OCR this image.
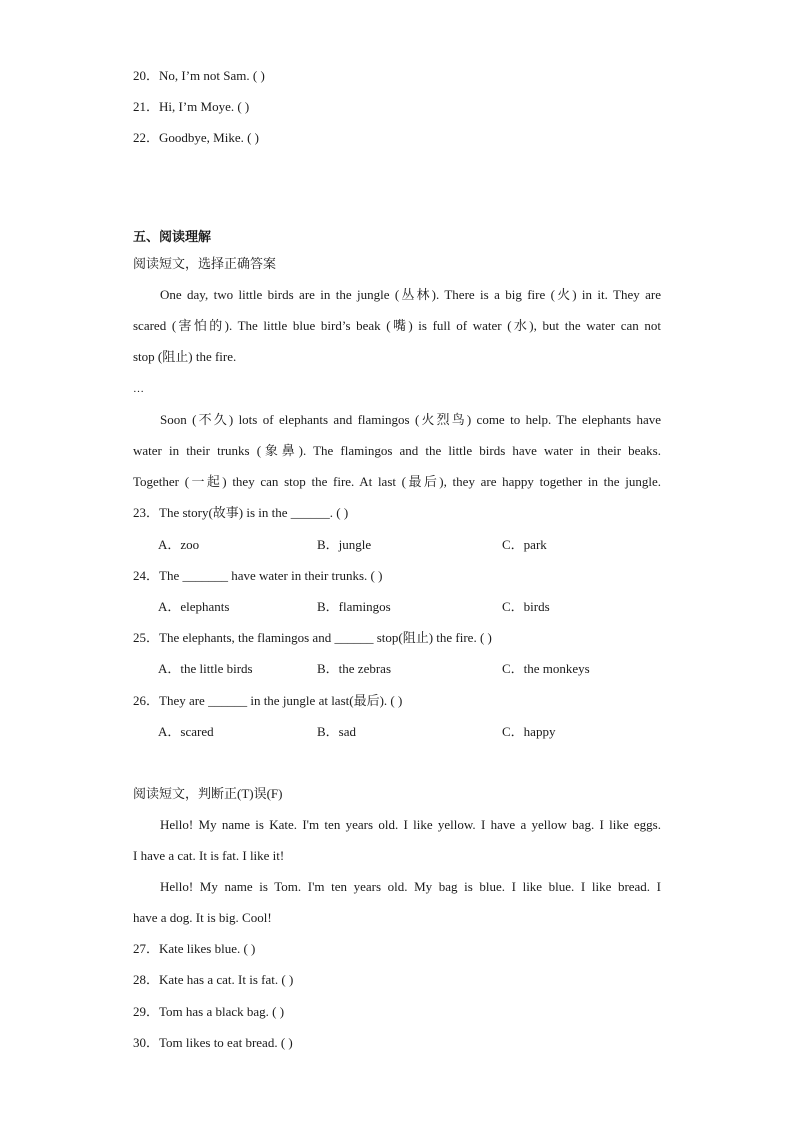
20．No, I’m not Sam. ( )
21．Hi, I’m Moye. ( )
22．Goodbye, Mike. ( )
五、阅读理解
阅读短文，选择正确答案
One day, two little birds are in the jungle (丛林). There is a big fire (火) in it. They are
scared (害怕的). The little blue bird’s beak (嘴) is full of water (水), but the water can not
stop (阻止) the fire.
…
Soon (不久) lots of elephants and flamingos (火烈鸟) come to help. The elephants have
water in their trunks (象鼻). The flamingos and the little birds have water in their beaks.
Together (一起) they can stop the fire. At last (最后), they are happy together in the jungle.
23．The story(故事) is in the ______. ( )
A．zoo	B．jungle	C．park
24．The _______ have water in their trunks. ( )
A．elephants	B．flamingos	C．birds
25．The elephants, the flamingos and ______ stop(阻止) the fire. ( )
A．the little birds	B．the zebras	C．the monkeys
26．They are ______ in the jungle at last(最后). ( )
A．scared	B．sad	C．happy
阅读短文，判断正(T)误(F)
Hello! My name is Kate. I'm ten years old. I like yellow. I have a yellow bag. I like eggs.
I have a cat. It is fat. I like it!
Hello! My name is Tom. I'm ten years old. My bag is blue. I like blue. I like bread. I
have a dog. It is big. Cool!
27．Kate likes blue. ( )
28．Kate has a cat. It is fat. ( )
29．Tom has a black bag. ( )
30．Tom likes to eat bread. ( )
